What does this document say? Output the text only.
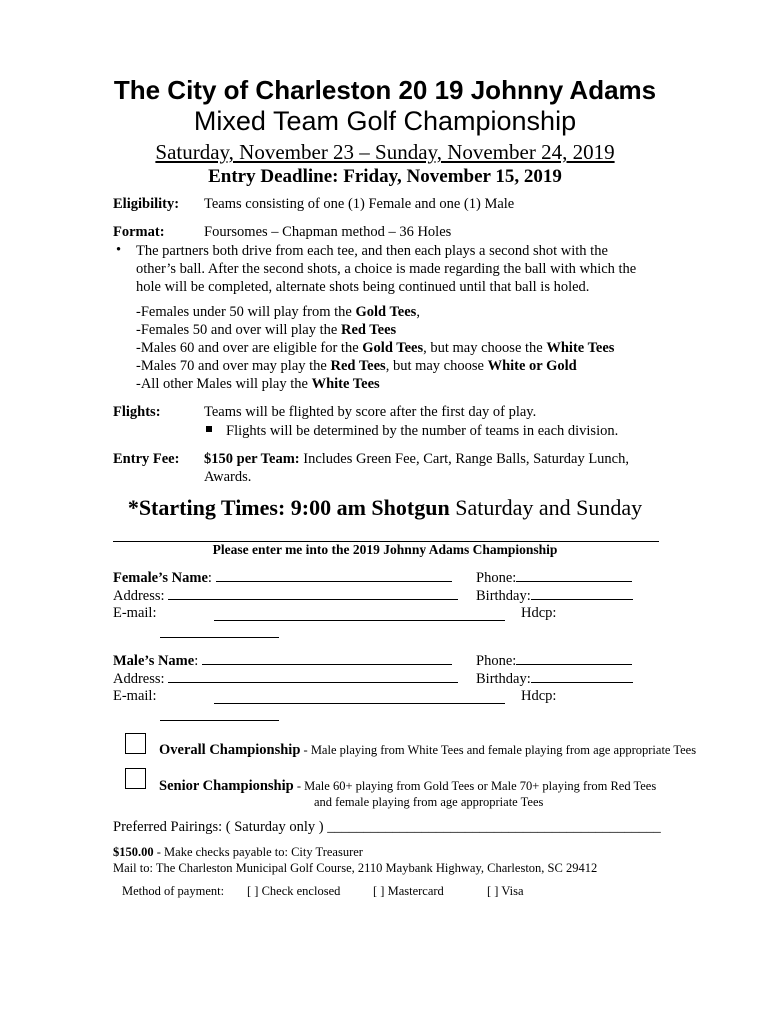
The City of Charleston 20 19 Johnny Adams
Mixed Team Golf Championship
Saturday, November 23 – Sunday, November 24, 2019
Entry Deadline: Friday, November 15, 2019
Eligibility: Teams consisting of one (1) Female and one (1) Male
Format:	Foursomes – Chapman method – 36 Holes
• The partners both drive from each tee, and then each plays a second shot with the other’s ball. After the second shots, a choice is made regarding the ball with which the hole will be completed, alternate shots being continued until that ball is holed.
-Females under 50 will play from the Gold Tees,
-Females 50 and over will play the Red Tees
-Males 60 and over are eligible for the Gold Tees, but may choose the White Tees
-Males 70 and over may play the Red Tees, but may choose White or Gold
-All other Males will play the White Tees
Flights:	Teams will be flighted by score after the first day of play.
Flights will be determined by the number of teams in each division.
Entry Fee: $150 per Team: Includes Green Fee, Cart, Range Balls, Saturday Lunch,
Awards.
*Starting Times: 9:00 am Shotgun Saturday and Sunday
Please enter me into the 2019 Johnny Adams Championship
Female’s Name:	Phone:
Address:	Birthday:
E-mail:	Hdcp:
Male’s Name:	Phone:
Address:	Birthday:
E-mail:	Hdcp:
Overall Championship - Male playing from White Tees and female playing from age appropriate Tees
Senior Championship - Male 60+ playing from Gold Tees or Male 70+ playing from Red Tees
and female playing from age appropriate Tees
Preferred Pairings: ( Saturday only ) ______________________________________________
$150.00 - Make checks payable to: City Treasurer
Mail to: The Charleston Municipal Golf Course, 2110 Maybank Highway, Charleston, SC 29412
Method of payment: [ ] Check enclosed	[ ] Mastercard	[ ] Visa
